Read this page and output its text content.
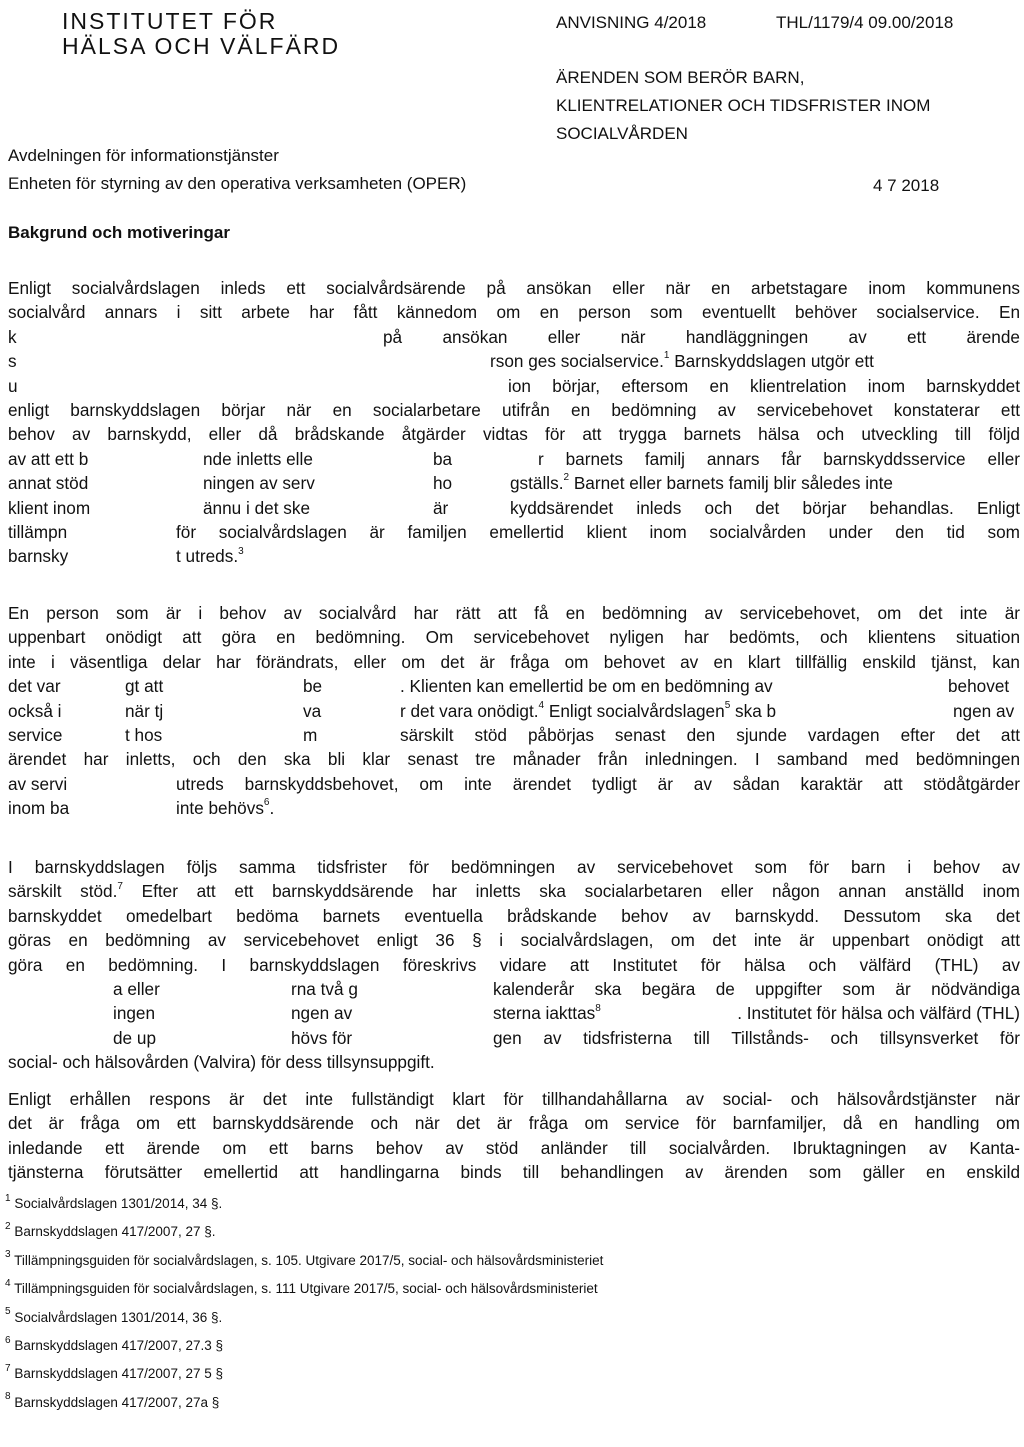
INSTITUTET FÖR
HÄLSA OCH VÄLFÄRD
ANVISNING 4/2018	THL/1179/4 09.00/2018
ÄRENDEN SOM BERÖR BARN,
KLIENTRELATIONER OCH TIDSFRISTER INOM
SOCIALVÅRDEN
Avdelningen för informationstjänster
Enheten för styrning av den operativa verksamheten (OPER)	4 7 2018
Bakgrund och motiveringar
Enligt socialvårdslagen inleds ett socialvårdsärende på ansökan eller när en arbetstagare inom kommunens
socialvård annars i sitt arbete har fått kännedom om en person som eventuellt behöver socialservice. En
k	på ansökan eller när handläggningen av ett ärende
s	rson ges socialservice.$^1$ Barnskyddslagen utgör ett
u	ion börjar, eftersom en klientrelation inom barnskyddet
enligt barnskyddslagen börjar när en socialarbetare utifrån en bedömning av servicebehovet konstaterar ett
behov av barnskydd, eller då brådskande åtgärder vidtas för att trygga barnets hälsa och utveckling till följd
av att ett b	nde inletts elle	ba	r barnets familj annars får barnskyddsservice eller
annat stöd	ningen av serv	ho	gställs.$^2$ Barnet eller barnets familj blir således inte
klient inom	ännu i det ske	är	kyddsärendet inleds och det börjar behandlas. Enligt
tillämpn	för socialvårdslagen är familjen emellertid klient inom socialvården under den tid som
barnsky	t utreds.$^3$
En person som är i behov av socialvård har rätt att få en bedömning av servicebehovet, om det inte är
uppenbart onödigt att göra en bedömning. Om servicebehovet nyligen har bedömts, och klientens situation
inte i väsentliga delar har förändrats, eller om det är fråga om behovet av en klart tillfällig enskild tjänst, kan
det var	gt att	be	. Klienten kan emellertid be om en bedömning av	behovet
också i	när tj	va	r det vara onödigt.$^4$ Enligt socialvårdslagen$^5$ ska b	ngen av
service	t hos	m	särskilt stöd påbörjas senast den sjunde vardagen efter det att
ärendet har inletts, och den ska bli klar senast tre månader från inledningen. I samband med bedömningen
av servi	utreds barnskyddsbehovet, om inte ärendet tydligt är av sådan karaktär att stödåtgärder
inom ba	inte behövs$^6$.
I barnskyddslagen följs samma tidsfrister för bedömningen av servicebehovet som för barn i behov av
särskilt stöd.$^7$ Efter att ett barnskyddsärende har inletts ska socialarbetaren eller någon annan anställd inom
barnskyddet omedelbart bedöma barnets eventuella brådskande behov av barnskydd. Dessutom ska det
göras en bedömning av servicebehovet enligt 36 § i socialvårdslagen, om det inte är uppenbart onödigt att
göra en bedömning. I barnskyddslagen föreskrivs vidare att Institutet för hälsa och välfärd (THL) av
a eller	rna två g	kalenderår ska begära de uppgifter som är nödvändiga
ingen	ngen av	sterna iakttas$^8$	. Institutet för hälsa och välfärd (THL)
de up	hövs för	gen av tidsfristerna till Tillstånds- och tillsynsverket för
social- och hälsovården (Valvira) för dess tillsynsuppgift.
Enligt erhållen respons är det inte fullständigt klart för tillhandahållarna av social- och hälsovårdstjänster när
det är fråga om ett barnskyddsärende och när det är fråga om service för barnfamiljer, då en handling om
inledande ett ärende om ett barns behov av stöd anländer till socialvården. Ibruktagningen av Kanta-
tjänsterna förutsätter emellertid att handlingarna binds till behandlingen av ärenden som gäller en enskild
$^1$ Socialvårdslagen 1301/2014, 34 §.
$^2$ Barnskyddslagen 417/2007, 27 §.
$^3$ Tillämpningsguiden för socialvårdslagen, s. 105. Utgivare 2017/5, social- och hälsovårdsministeriet
$^4$ Tillämpningsguiden för socialvårdslagen, s. 111 Utgivare 2017/5, social- och hälsovårdsministeriet
$^5$ Socialvårdslagen 1301/2014, 36 §.
$^6$ Barnskyddslagen 417/2007, 27.3 §
$^7$ Barnskyddslagen 417/2007, 27 5 §
$^8$ Barnskyddslagen 417/2007, 27a §
